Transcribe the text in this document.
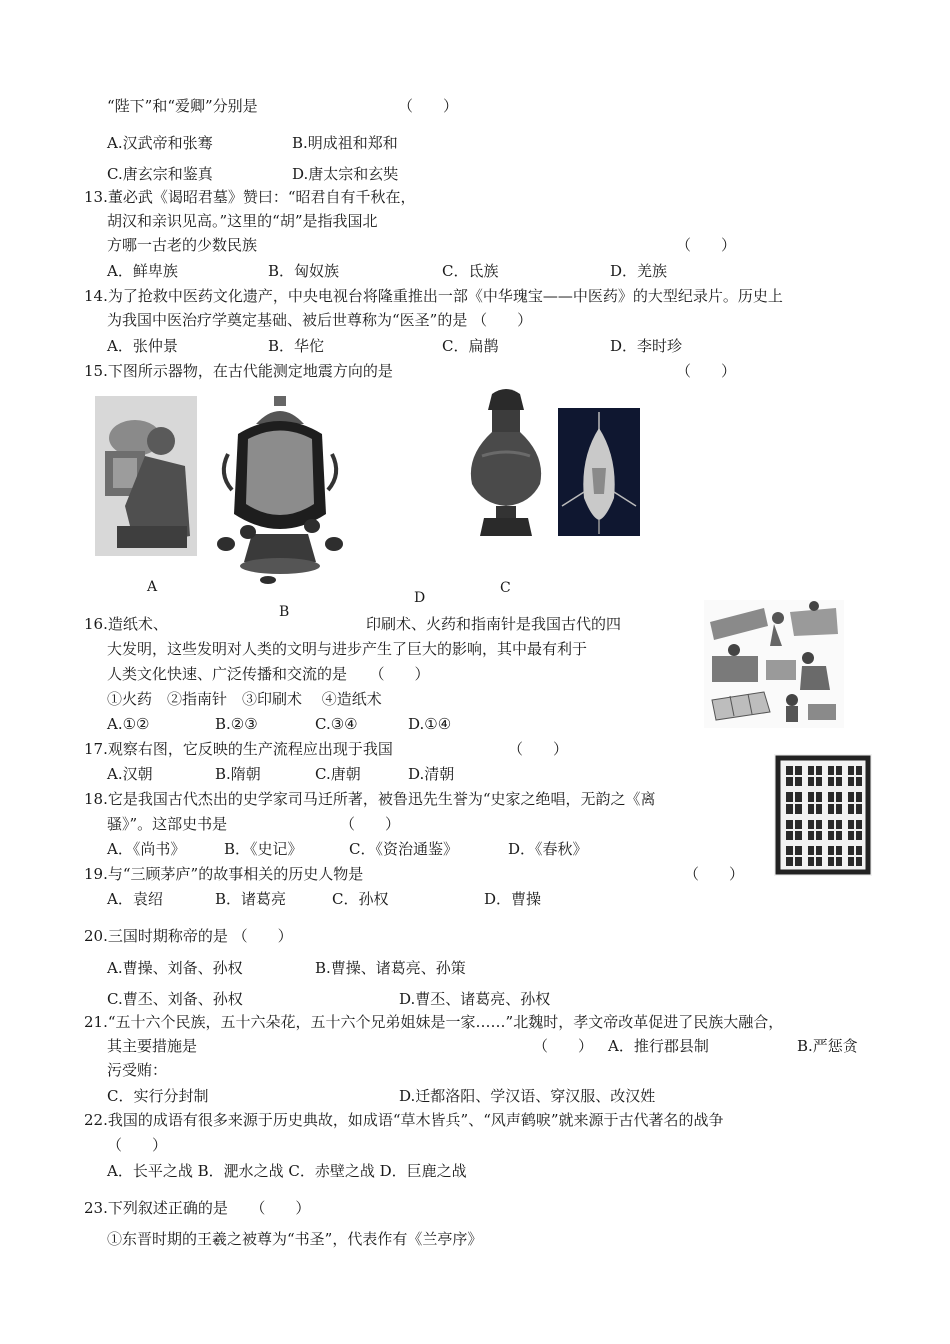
“陛下”和“爱卿”分别是	（　　）
A.汉武帝和张骞	B.明成祖和郑和
C.唐玄宗和鉴真	D.唐太宗和玄奘
13.董必武《谒昭君墓》赞曰：“昭君自有千秋在，
胡汉和亲识见高。”这里的“胡”是指我国北
方哪一古老的少数民族	（　　）
A．鲜卑族	B．匈奴族	C．氐族	D．羌族
14.为了抢救中医药文化遗产，中央电视台将隆重推出一部《中华瑰宝——中医药》的大型纪录片。历史上
为我国中医治疗学奠定基础、被后世尊称为“医圣”的是 （　　）
A．张仲景	B．华佗	C．扁鹊	D．李时珍
15.下图所示器物，在古代能测定地震方向的是	（　　）
A
B
C
D
16.造纸术、	印刷术、火药和指南针是我国古代的四
大发明，这些发明对人类的文明与进步产生了巨大的影响，其中最有利于
人类文化快速、广泛传播和交流的是　　（　　）
①火药　②指南针　③印刷术　 ④造纸术
A.①②	B.②③	C.③④	D.①④
17.观察右图，它反映的生产流程应出现于我国	（　　）
A.汉朝	B.隋朝	C.唐朝	D.清朝
18.它是我国古代杰出的史学家司马迁所著，被鲁迅先生誉为“史家之绝唱，无韵之《离
骚》”。这部史书是	（　　）
A．《尚书》	B．《史记》	C．《资治通鉴》	D．《春秋》
19.与“三顾茅庐”的故事相关的历史人物是	（　　）
A．袁绍	B．诸葛亮	C．孙权	D．曹操
20.三国时期称帝的是 （　　）
A.曹操、刘备、孙权	B.曹操、诸葛亮、孙策
C.曹丕、刘备、孙权	D.曹丕、诸葛亮、孙权
21.“五十六个民族，五十六朵花，五十六个兄弟姐妹是一家……”北魏时，孝文帝改革促进了民族大融合，
其主要措施是	（　　） A．推行郡县制	B.严惩贪
污受贿：
C．实行分封制	D.迁都洛阳、学汉语、穿汉服、改汉姓
22.我国的成语有很多来源于历史典故，如成语“草木皆兵”、“风声鹤唳”就来源于古代著名的战争
（　　）
A．长平之战 B．淝水之战 C．赤壁之战 D．巨鹿之战
23.下列叙述正确的是　　（　　）
①东晋时期的王羲之被尊为“书圣”，代表作有《兰亭序》
